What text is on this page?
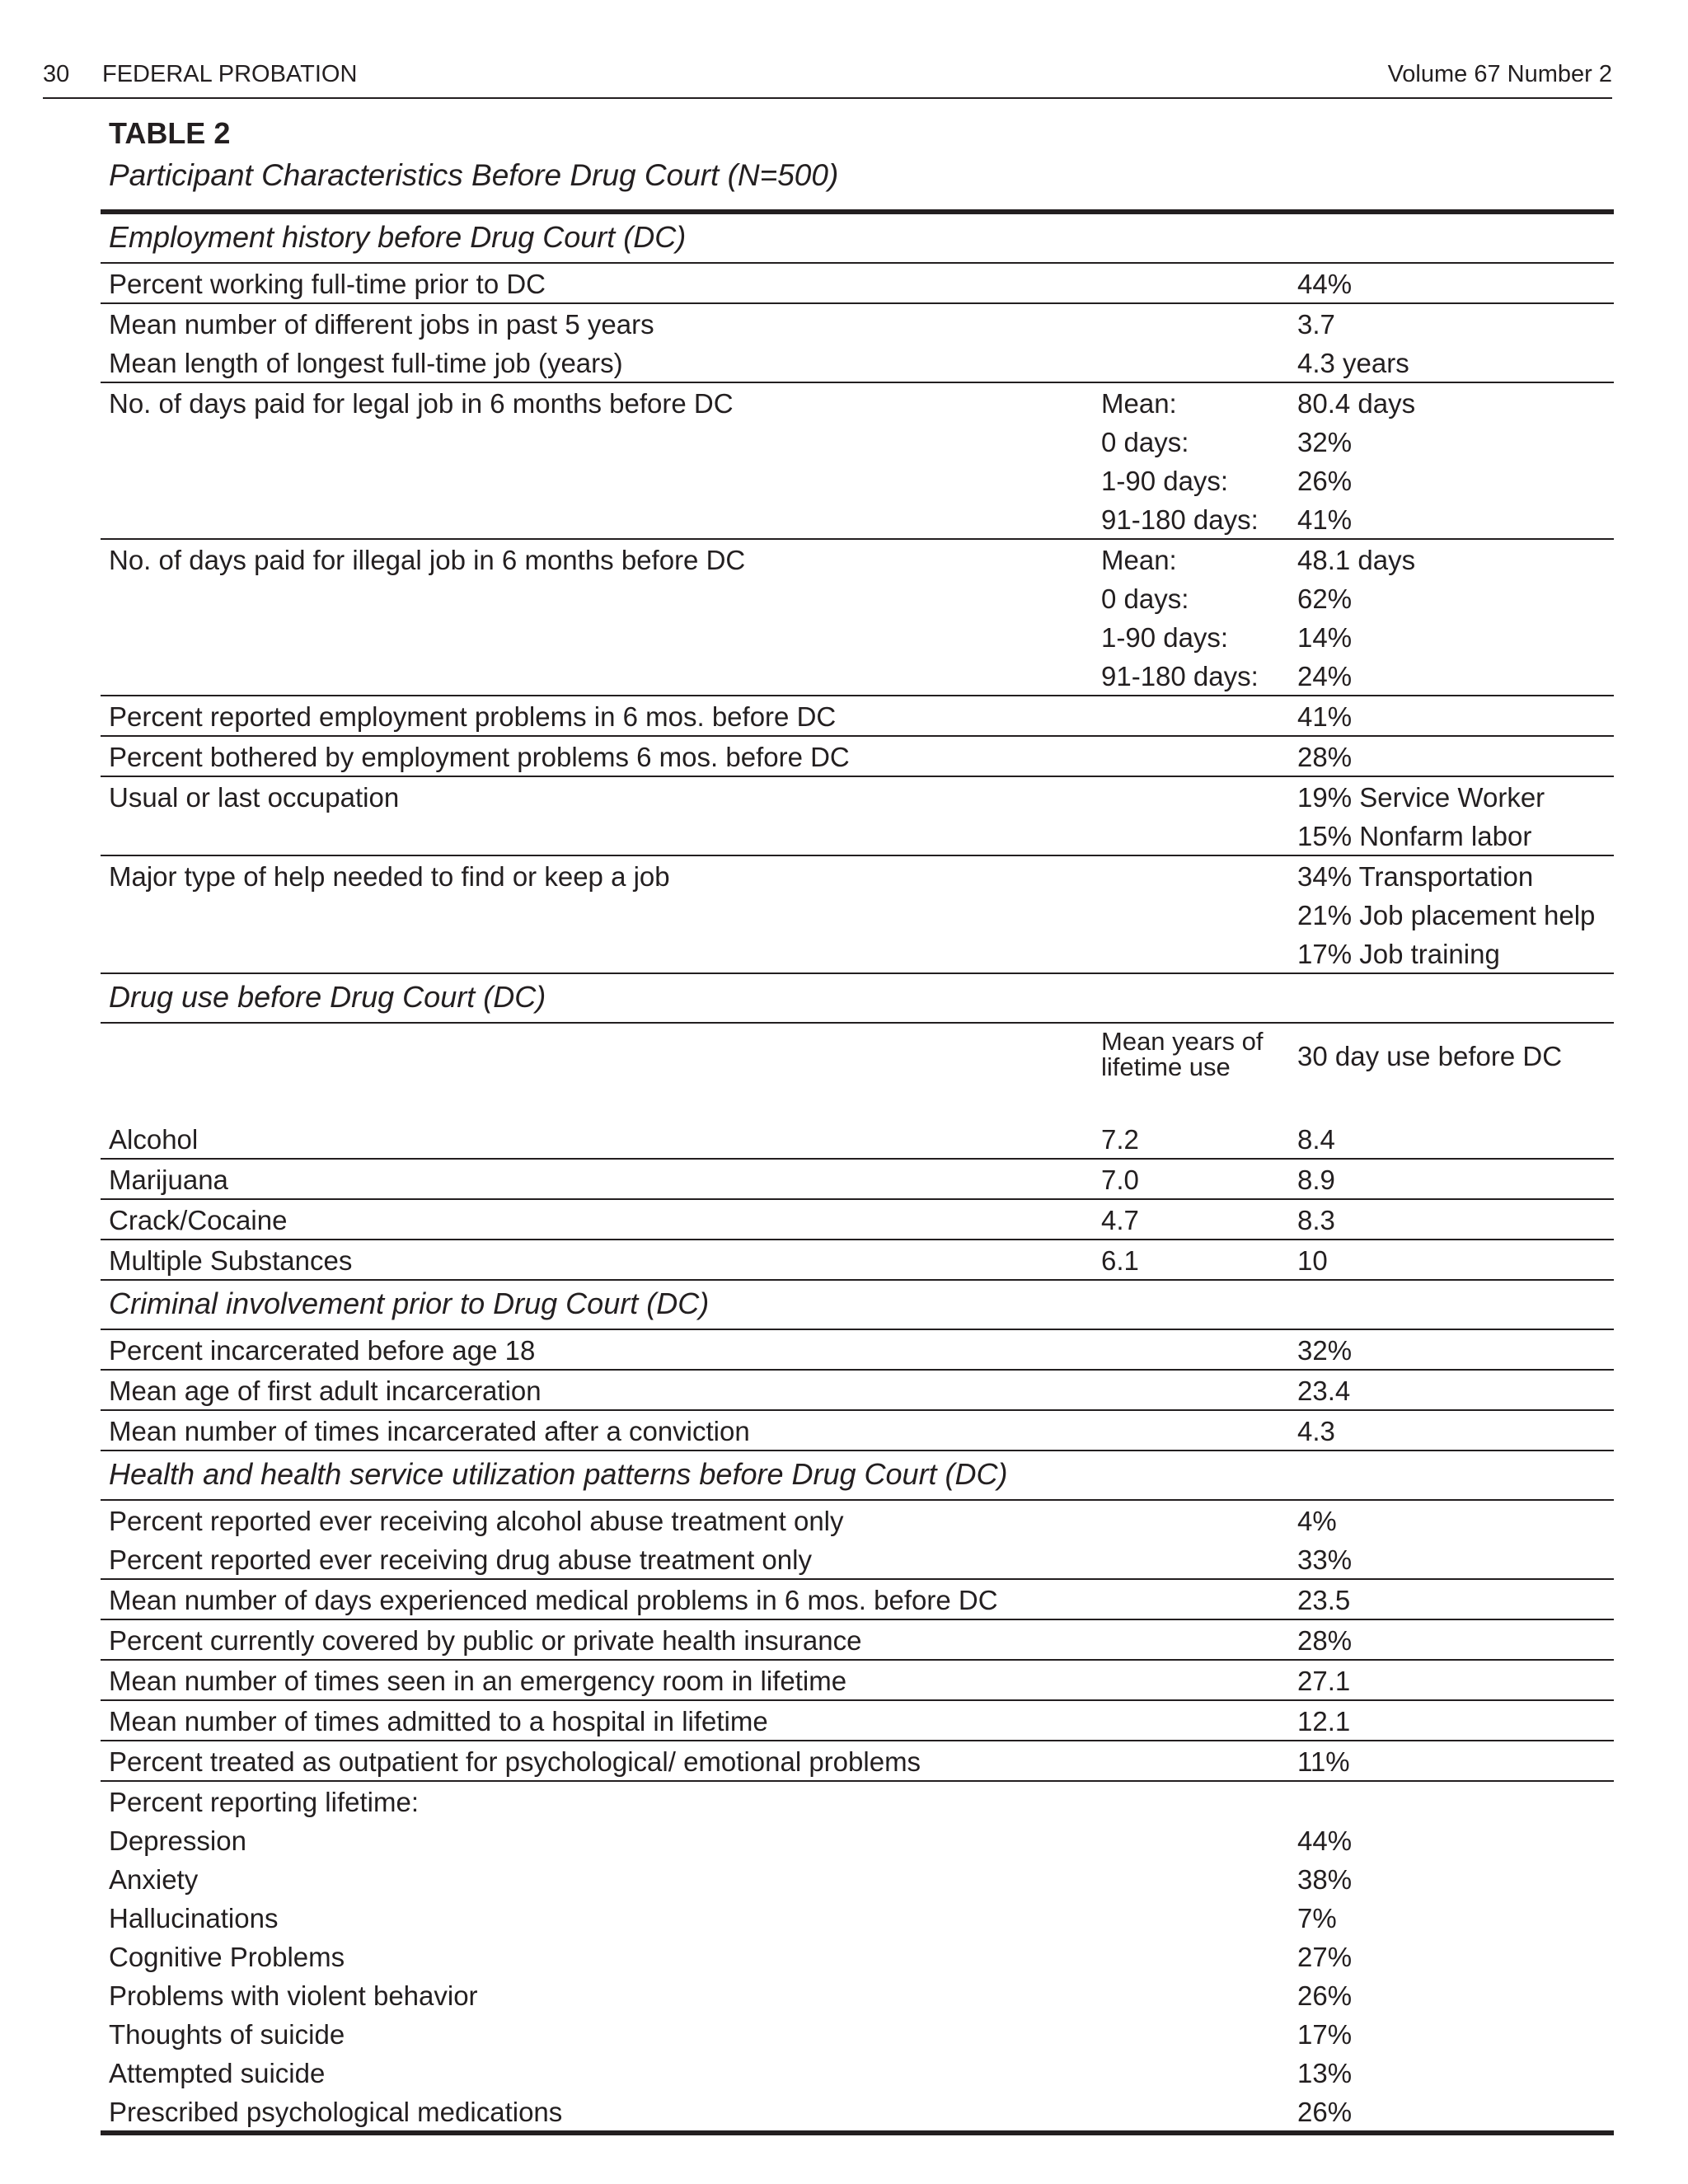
30 FEDERAL PROBATION	Volume 67 Number 2
TABLE 2
Participant Characteristics Before Drug Court (N=500)
Employment history before Drug Court (DC)
Percent working full-time prior to DC	44%
Mean number of different jobs in past 5 years	3.7
Mean length of longest full-time job (years)	4.3 years
No. of days paid for legal job in 6 months before DC	Mean:	80.4 days
0 days:	32%
1-90 days:	26%
91-180 days:	41%
No. of days paid for illegal job in 6 months before DC	Mean:	48.1 days
0 days:	62%
1-90 days:	14%
91-180 days:	24%
Percent reported employment problems in 6 mos. before DC	41%
Percent bothered by employment problems 6 mos. before DC	28%
Usual or last occupation	19% Service Worker
15% Nonfarm labor
Major type of help needed to find or keep a job	34% Transportation
21% Job placement help
17% Job training
Drug use before Drug Court (DC)
Mean years of lifetime use	30 day use before DC
Alcohol	7.2	8.4
Marijuana	7.0	8.9
Crack/Cocaine	4.7	8.3
Multiple Substances	6.1	10
Criminal involvement prior to Drug Court (DC)
Percent incarcerated before age 18	32%
Mean age of first adult incarceration	23.4
Mean number of times incarcerated after a conviction	4.3
Health and health service utilization patterns before Drug Court (DC)
Percent reported ever receiving alcohol abuse treatment only	4%
Percent reported ever receiving drug abuse treatment only	33%
Mean number of days experienced medical problems in 6 mos. before DC	23.5
Percent currently covered by public or private health insurance	28%
Mean number of times seen in an emergency room in lifetime	27.1
Mean number of times admitted to a hospital in lifetime	12.1
Percent treated as outpatient for psychological/ emotional problems	11%
Percent reporting lifetime:
Depression	44%
Anxiety	38%
Hallucinations	7%
Cognitive Problems	27%
Problems with violent behavior	26%
Thoughts of suicide	17%
Attempted suicide	13%
Prescribed psychological medications	26%
